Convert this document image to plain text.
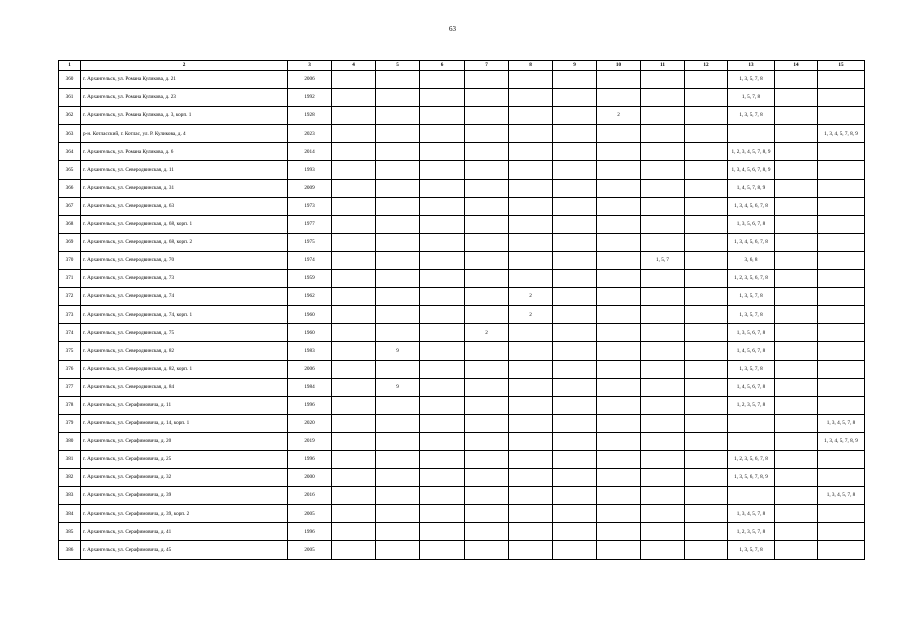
63
1	2	3	4	5	6	7	8	9	10	11	12	13	14	15
360	г. Архангельск, ул. Романа Куликова, д. 21	2006										1, 3, 5, 7, 8		
361	г. Архангельск, ул. Романа Куликова, д. 23	1992										1, 5, 7, 8		
362	г. Архангельск, ул. Романа Куликова, д. 3, корп. 1	1928							2			1, 3, 5, 7, 8		
363	р-н. Котласский, г. Котлас, ул. Р. Куликова, д. 4	2023												1, 3, 4, 5, 7, 8, 9
364	г. Архангельск, ул. Романа Куликова, д. 6	2014										1, 2, 3, 4, 5, 7, 8, 9		
365	г. Архангельск, ул. Северодвинская, д. 11	1993										1, 3, 4, 5, 6, 7, 8, 9		
366	г. Архангельск, ул. Северодвинская, д. 31	2009										1, 4, 5, 7, 8, 9		
367	г. Архангельск, ул. Северодвинская, д. 63	1973										1, 3, 4, 5, 6, 7, 8		
368	г. Архангельск, ул. Северодвинская, д. 68, корп. 1	1977										1, 3, 5, 6, 7, 8		
369	г. Архангельск, ул. Северодвинская, д. 68, корп. 2	1975										1, 3, 4, 5, 6, 7, 8		
370	г. Архангельск, ул. Северодвинская, д. 70	1974								1, 5, 7		3, 6, 8		
371	г. Архангельск, ул. Северодвинская, д. 73	1959										1, 2, 3, 5, 6, 7, 8		
372	г. Архангельск, ул. Северодвинская, д. 74	1962					2					1, 3, 5, 7, 8		
373	г. Архангельск, ул. Северодвинская, д. 74, корп. 1	1960					2					1, 3, 5, 7, 8		
374	г. Архангельск, ул. Северодвинская, д. 75	1960				2						1, 3, 5, 6, 7, 8		
375	г. Архангельск, ул. Северодвинская, д. 82	1983		9								1, 4, 5, 6, 7, 8		
376	г. Архангельск, ул. Северодвинская, д. 82, корп. 1	2006										1, 3, 5, 7, 8		
377	г. Архангельск, ул. Северодвинская, д. 84	1984		9								1, 4, 5, 6, 7, 8		
378	г. Архангельск, ул. Серафимовича, д. 11	1996										1, 2, 3, 5, 7, 8		
379	г. Архангельск, ул. Серафимовича, д. 14, корп. 1	2020												1, 3, 4, 5, 7, 8
380	г. Архангельск, ул. Серафимовича, д. 20	2019												1, 3, 4, 5, 7, 8, 9
381	г. Архангельск, ул. Серафимовича, д. 25	1996										1, 2, 3, 5, 6, 7, 8		
382	г. Архангельск, ул. Серафимовича, д. 32	2000										1, 3, 5, 6, 7, 8, 9		
383	г. Архангельск, ул. Серафимовича, д. 39	2016												1, 3, 4, 5, 7, 8
384	г. Архангельск, ул. Серафимовича, д. 39, корп. 2	2005										1, 3, 4, 5, 7, 8		
385	г. Архангельск, ул. Серафимовича, д. 41	1996										1, 2, 3, 5, 7, 8		
386	г. Архангельск, ул. Серафимовича, д. 45	2005										1, 3, 5, 7, 8		
